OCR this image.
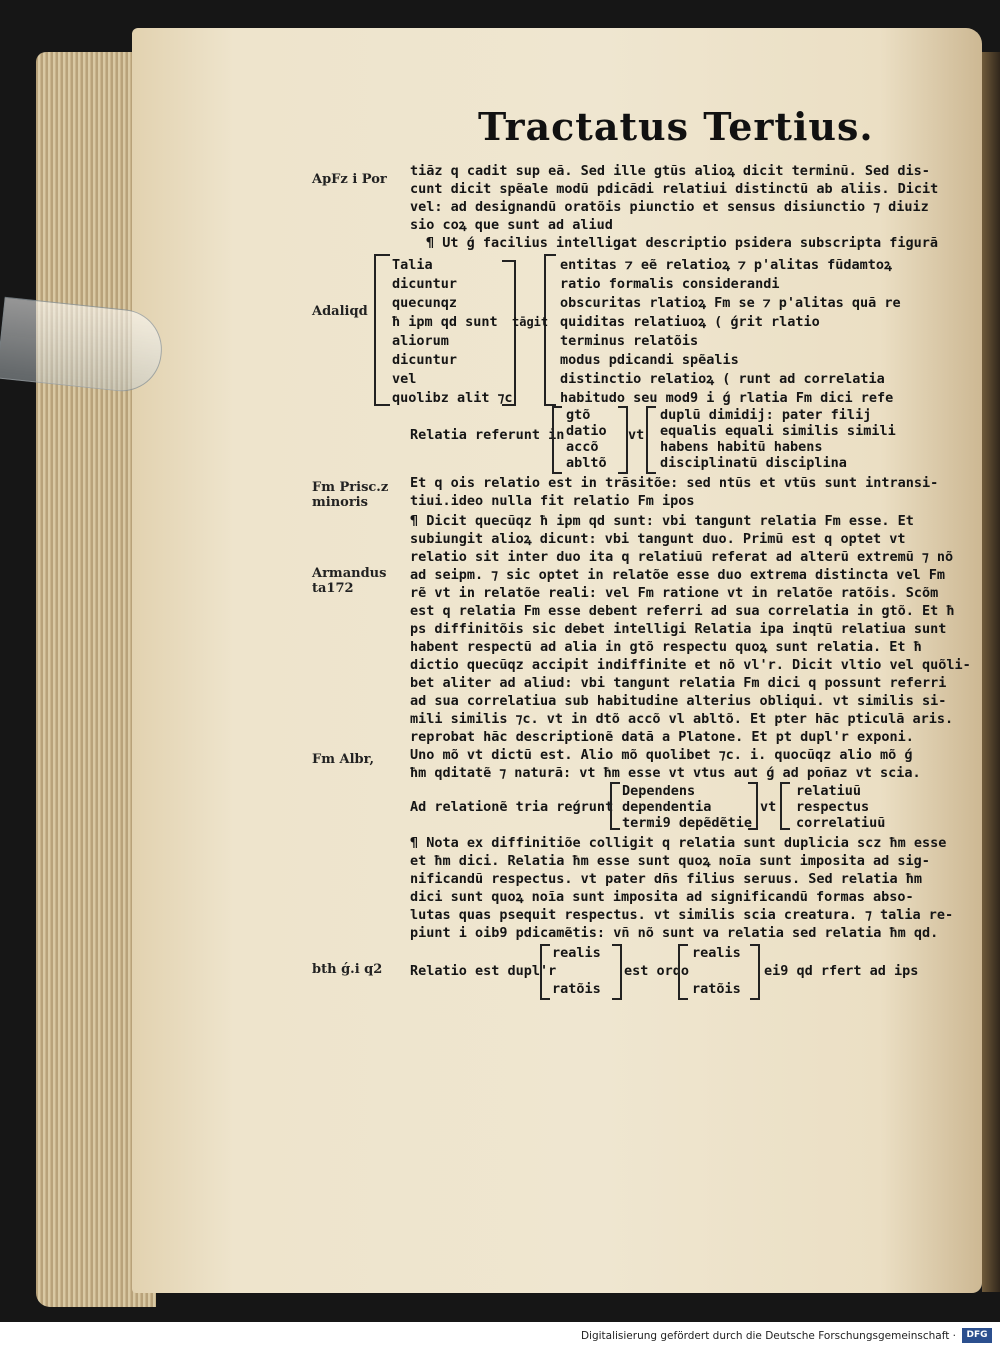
Tractatus Tertius.
ApFz i Por
Adaliqd
Fm Prisc.z minoris
Armandus ta172
Fm Albr,
bth ǵ.i q2
tiãz q cadit sup eã. Sed ille gtũs alioꝝ dicit terminũ. Sed dis-
cunt dicit spẽale modũ pdicãdi relatiui distinctũ ab aliis. Dicit
vel: ad designandũ oratõis piunctio et sensus disiunctio ⁊ diuiz
sio coꝝ que sunt ad aliud
¶ Ut ǵ facilius intelligat descriptio psidera subscripta figurã
Talia
dicuntur
quecunqz
ħ ipm qd sunt
aliorum
dicuntur
vel
quolibz alit ⁊c
tāgit
entitas ⁊ eẽ relatioꝝ ⁊ p'alitas fũdamtoꝝ
ratio formalis considerandi
obscuritas rlatioꝝ Fm se ⁊ p'alitas quã re
quiditas relatiuoꝝ ( ǵrit rlatio
terminus relatõis
modus pdicandi spẽalis
distinctio relatioꝝ ( runt ad correlatia
habitudo seu mod9 i ǵ rlatia Fm dici refe
Relatia referunt in
gtõ
datio
accõ
abltõ
vt
duplũ dimidij: pater filij
equalis equali similis simili
habens habitũ habens
disciplinatũ disciplina
Et q ois relatio est in trãsitõe: sed ntũs et vtũs sunt intransi-
tiui.ideo nulla fit relatio Fm ipos
¶ Dicit quecũqz ħ ipm qd sunt: vbi tangunt relatia Fm esse. Et
subiungit alioꝝ dicunt: vbi tangunt duo. Primũ est q optet vt
relatio sit inter duo ita q relatiuũ referat ad alterũ extremũ ⁊ nõ
ad seipm. ⁊ sic optet in relatõe esse duo extrema distincta vel Fm
rẽ vt in relatõe reali: vel Fm ratione vt in relatõe ratõis. Scõm
est q relatia Fm esse debent referri ad sua correlatia in gtõ. Et ħ
ps diffinitõis sic debet intelligi Relatia ipa inqtũ relatiua sunt
habent respectũ ad alia in gtõ respectu quoꝝ sunt relatia. Et ħ
dictio quecũqz accipit indiffinite et nõ vl'r. Dicit vltio vel quõli-
bet aliter ad aliud: vbi tangunt relatia Fm dici q possunt referri
ad sua correlatiua sub habitudine alterius obliqui. vt similis si-
mili similis ⁊c. vt in dtõ accõ vl abltõ. Et pter hãc pticulã aris.
reprobat hãc descriptionẽ datã a Platone. Et pt dupl'r exponi.
Uno mõ vt dictũ est. Alio mõ quolibet ⁊c. i. quocũqz alio mõ ǵ
ħm qditatẽ ⁊ naturã: vt ħm esse vt vtus aut ǵ ad poñaz vt scia.
Ad relationẽ tria reǵrunt
Dependens
dependentia
termi9 depẽdẽtie
vt
relatiuũ
respectus
correlatiuũ
¶ Nota ex diffinitiõe colligit q relatia sunt duplicia scz ħm esse
et ħm dici. Relatia ħm esse sunt quoꝝ noĩa sunt imposita ad sig-
nificandũ respectus. vt pater dñs filius seruus. Sed relatia ħm
dici sunt quoꝝ noĩa sunt imposita ad significandũ formas abso-
lutas quas psequit respectus. vt similis scia creatura. ⁊ talia re-
piunt i oib9 pdicamẽtis: vñ nõ sunt va relatia sed relatia ħm qd.
Relatio est dupl'r
realis
ratõis
est ordo
realis
ratõis
ei9 qd rfert ad ips
Digitalisierung gefördert durch die Deutsche Forschungsgemeinschaft ·	DFG
